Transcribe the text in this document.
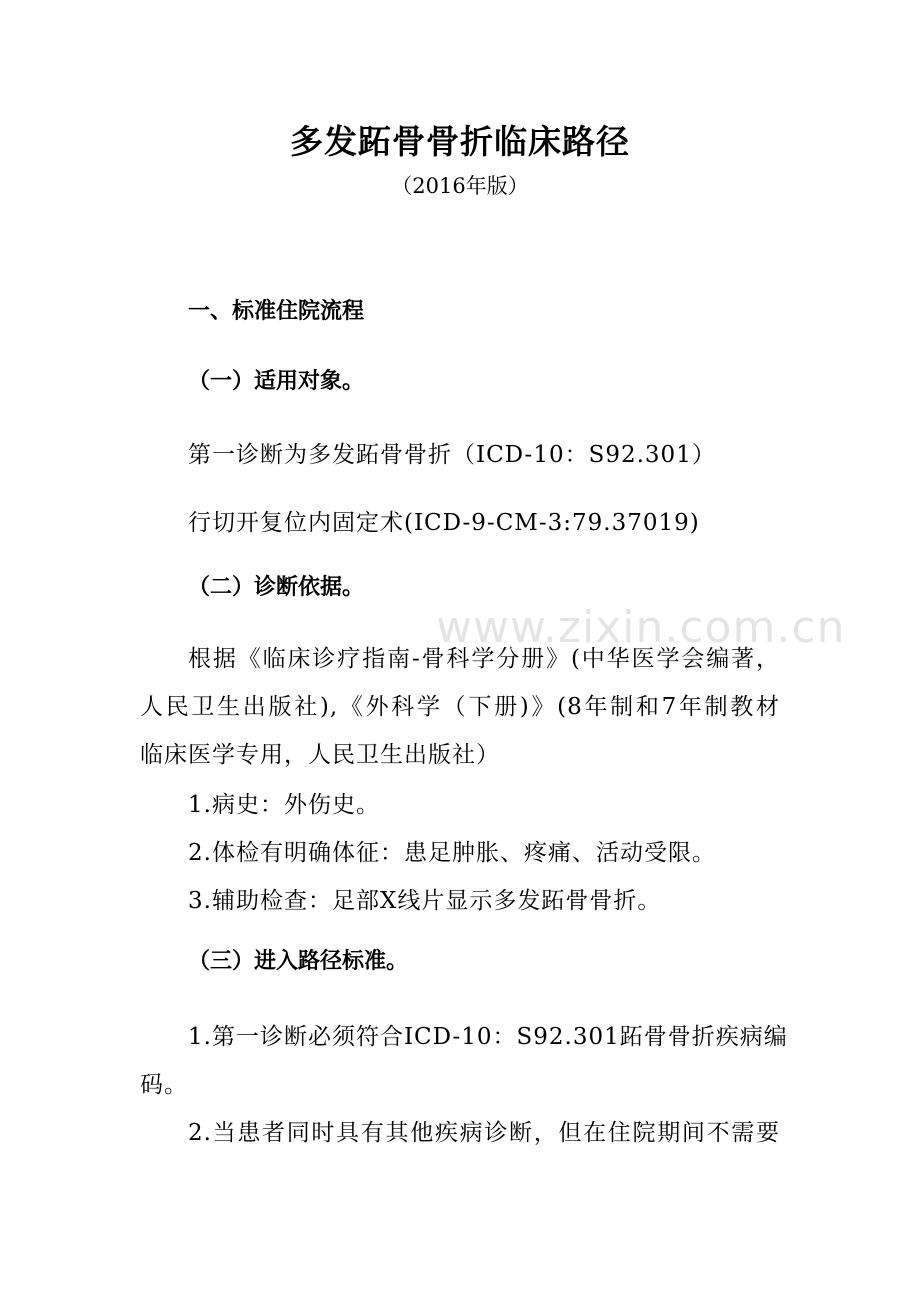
www.zixin.com.cn
多发跖骨骨折临床路径
（2016年版）
一、标准住院流程
（一）适用对象。
第一诊断为多发跖骨骨折（ICD-10：S92.301）
行切开复位内固定术(ICD-9-CM-3:79.37019)
（二）诊断依据。
根据《临床诊疗指南-骨科学分册》(中华医学会编著，
人民卫生出版社),《外科学（下册)》(8年制和7年制教材
临床医学专用，人民卫生出版社）
1.病史：外伤史。
2.体检有明确体征：患足肿胀、疼痛、活动受限。
3.辅助检查：足部X线片显示多发跖骨骨折。
（三）进入路径标准。
1.第一诊断必须符合ICD-10：S92.301跖骨骨折疾病编
码。
2.当患者同时具有其他疾病诊断，但在住院期间不需要
